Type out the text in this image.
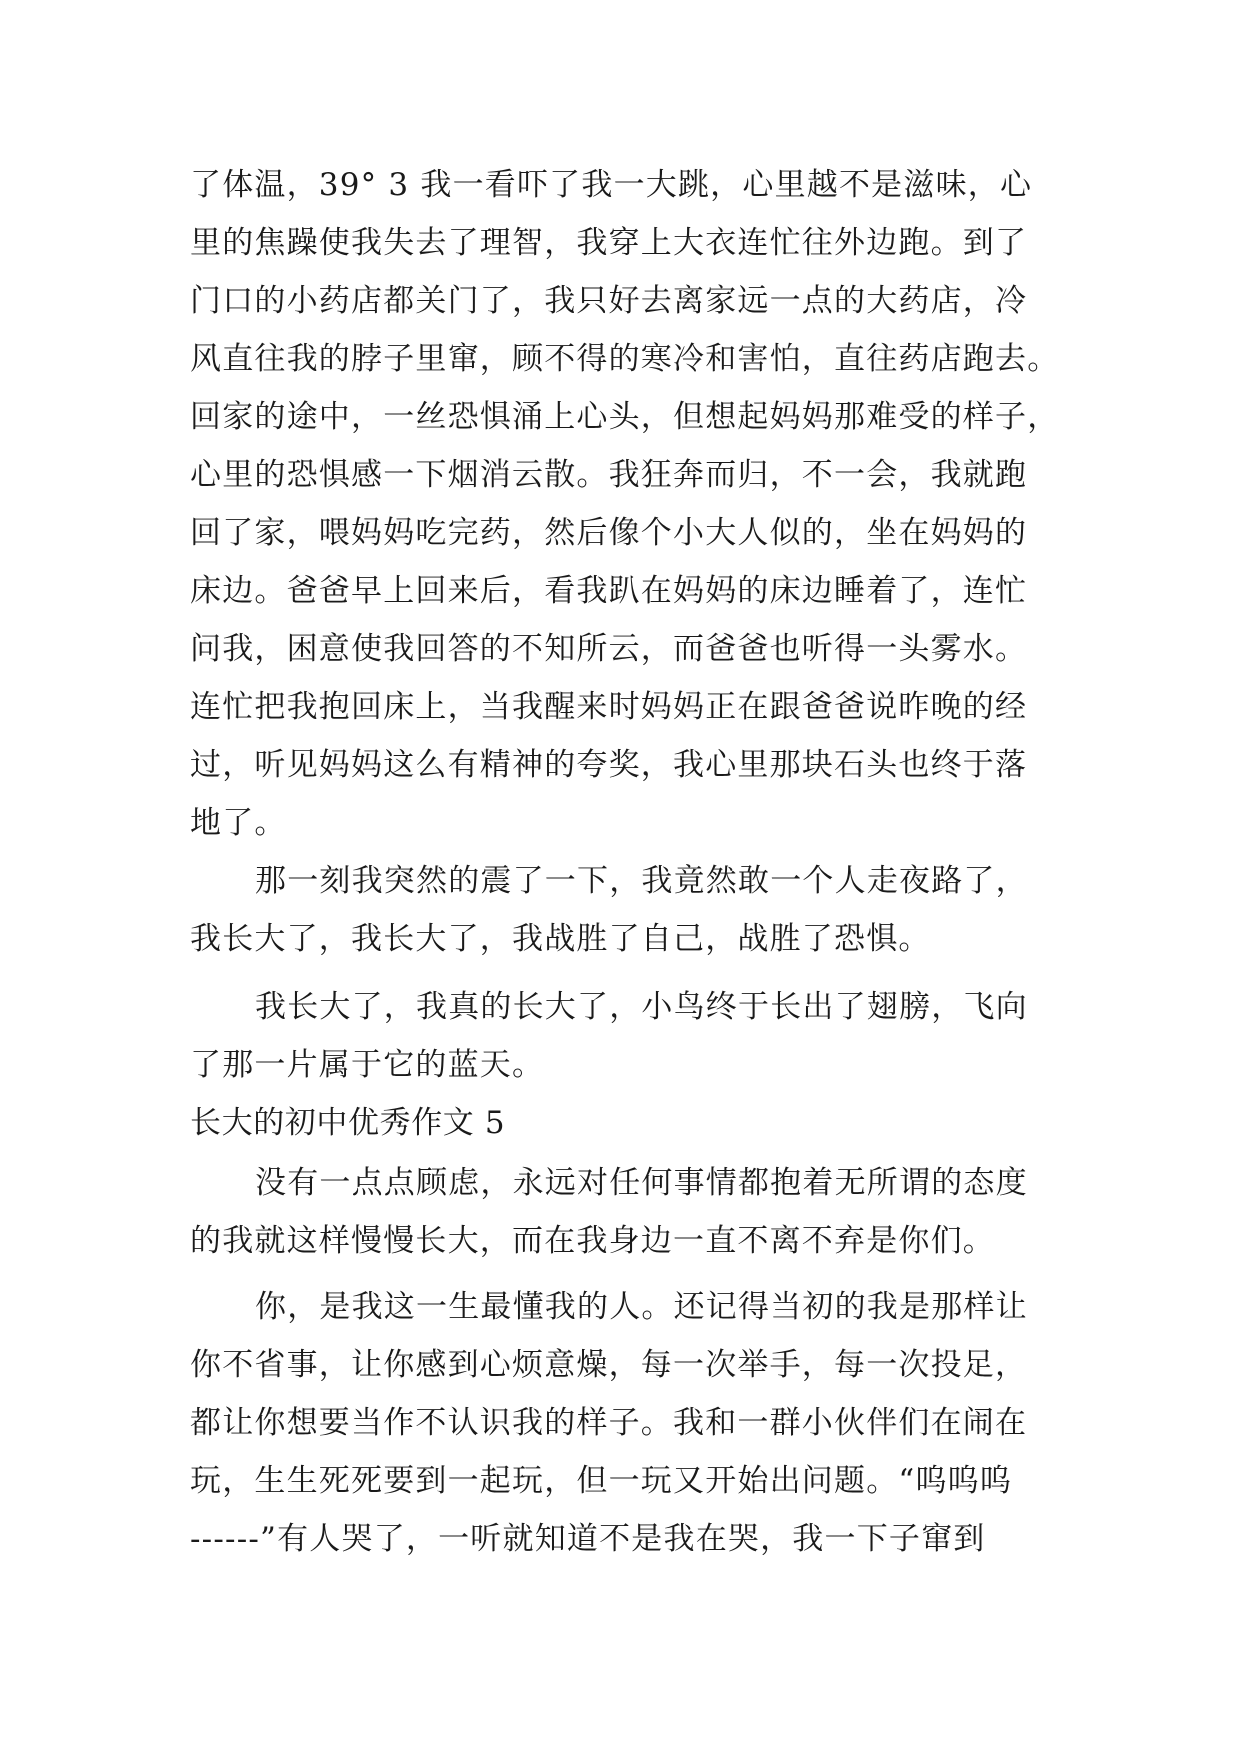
了体温，39° 3 我一看吓了我一大跳，心里越不是滋味，心
里的焦躁使我失去了理智，我穿上大衣连忙往外边跑。到了
门口的小药店都关门了，我只好去离家远一点的大药店，冷
风直往我的脖子里窜，顾不得的寒冷和害怕，直往药店跑去。
回家的途中，一丝恐惧涌上心头，但想起妈妈那难受的样子，
心里的恐惧感一下烟消云散。我狂奔而归，不一会，我就跑
回了家，喂妈妈吃完药，然后像个小大人似的，坐在妈妈的
床边。爸爸早上回来后，看我趴在妈妈的床边睡着了，连忙
问我，困意使我回答的不知所云，而爸爸也听得一头雾水。
连忙把我抱回床上，当我醒来时妈妈正在跟爸爸说昨晚的经
过，听见妈妈这么有精神的夸奖，我心里那块石头也终于落
地了。
那一刻我突然的震了一下，我竟然敢一个人走夜路了，
我长大了，我长大了，我战胜了自己，战胜了恐惧。
我长大了，我真的长大了，小鸟终于长出了翅膀，飞向
了那一片属于它的蓝天。
长大的初中优秀作文 5
没有一点点顾虑，永远对任何事情都抱着无所谓的态度
的我就这样慢慢长大，而在我身边一直不离不弃是你们。
你，是我这一生最懂我的人。还记得当初的我是那样让
你不省事，让你感到心烦意燥，每一次举手，每一次投足，
都让你想要当作不认识我的样子。我和一群小伙伴们在闹在
玩，生生死死要到一起玩，但一玩又开始出问题。“呜呜呜
------”有人哭了，一听就知道不是我在哭，我一下子窜到
